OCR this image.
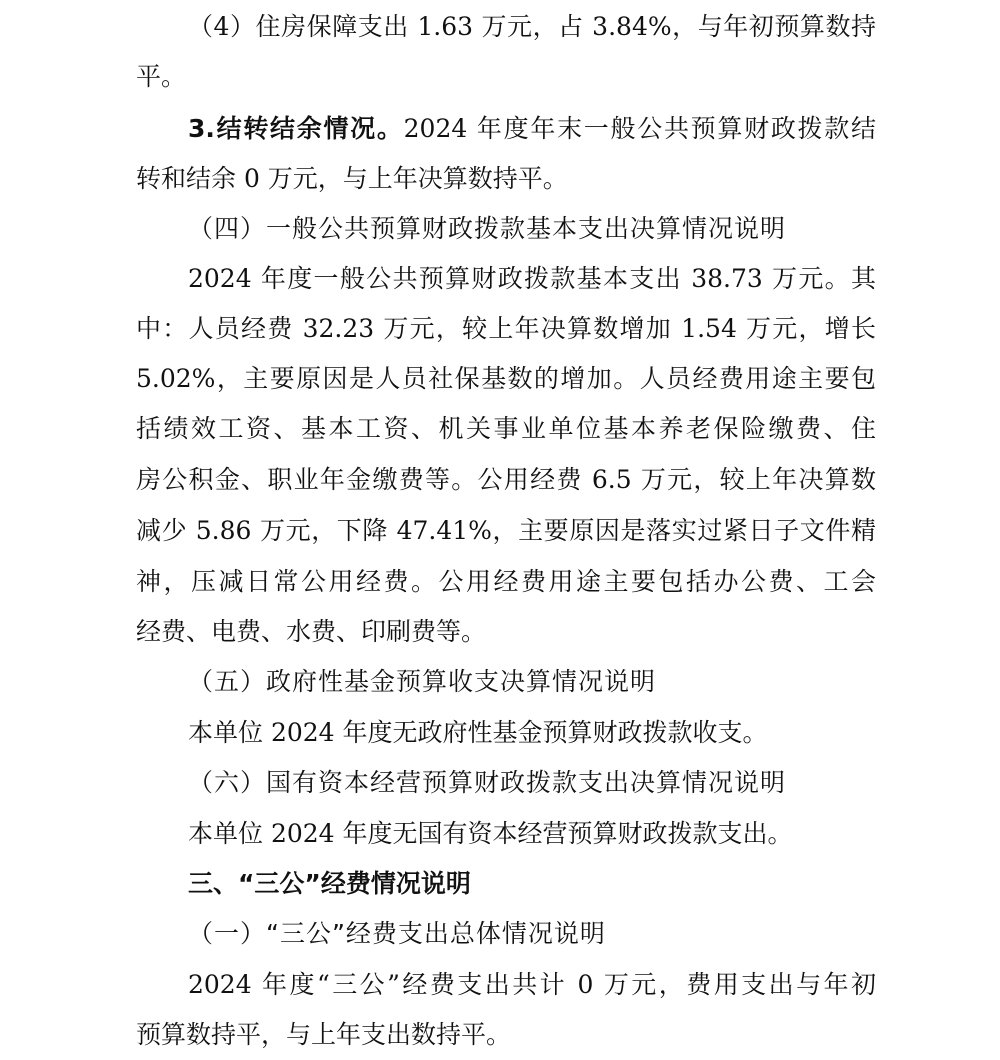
（4）住房保障支出 1.63 万元，占 3.84%，与年初预算数持
平。
3.结转结余情况。2024 年度年末一般公共预算财政拨款结
转和结余 0 万元，与上年决算数持平。
（四）一般公共预算财政拨款基本支出决算情况说明
2024 年度一般公共预算财政拨款基本支出 38.73 万元。其
中：人员经费 32.23 万元，较上年决算数增加 1.54 万元，增长
5.02%，主要原因是人员社保基数的增加。人员经费用途主要包
括绩效工资、基本工资、机关事业单位基本养老保险缴费、住
房公积金、职业年金缴费等。公用经费 6.5 万元，较上年决算数
减少 5.86 万元，下降 47.41%，主要原因是落实过紧日子文件精
神，压减日常公用经费。公用经费用途主要包括办公费、工会
经费、电费、水费、印刷费等。
（五）政府性基金预算收支决算情况说明
本单位 2024 年度无政府性基金预算财政拨款收支。
（六）国有资本经营预算财政拨款支出决算情况说明
本单位 2024 年度无国有资本经营预算财政拨款支出。
三、“三公”经费情况说明
（一）“三公”经费支出总体情况说明
2024 年度“三公”经费支出共计 0 万元，费用支出与年初
预算数持平，与上年支出数持平。
